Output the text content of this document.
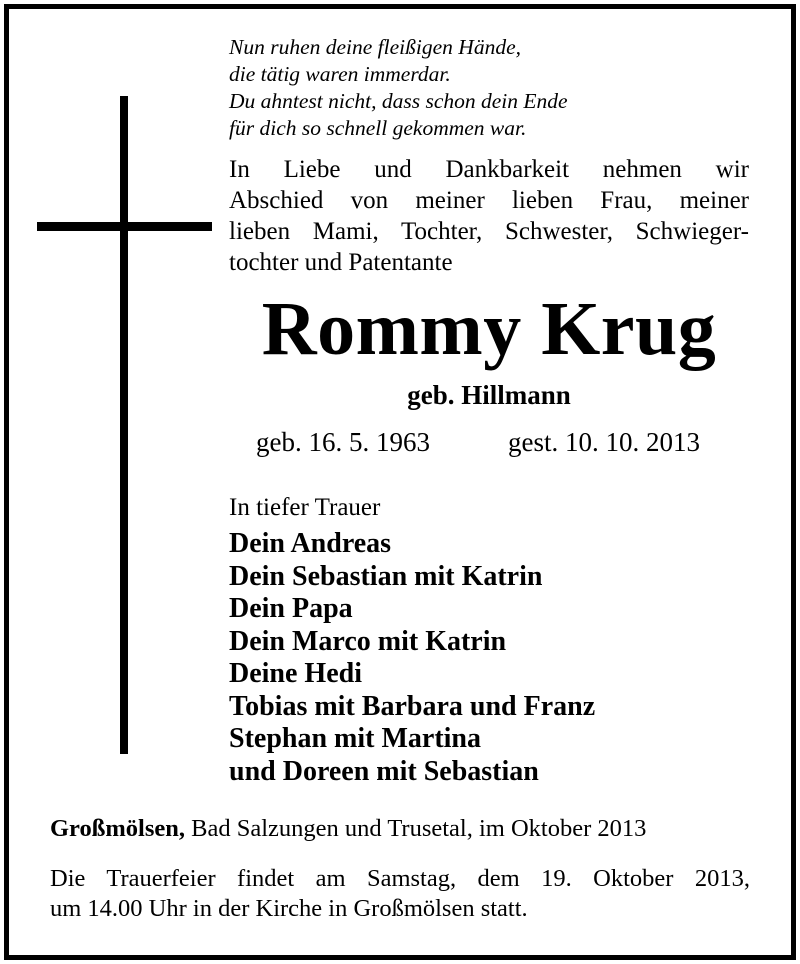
Nun ruhen deine fleißigen Hände,
die tätig waren immerdar.
Du ahntest nicht, dass schon dein Ende
für dich so schnell gekommen war.
In Liebe und Dankbarkeit nehmen wir
Abschied von meiner lieben Frau, meiner
lieben Mami, Tochter, Schwester, Schwieger-
tochter und Patentante
Rommy Krug
geb. Hillmann
geb. 16. 5. 1963	gest. 10. 10. 2013
In tiefer Trauer
Dein Andreas
Dein Sebastian mit Katrin
Dein Papa
Dein Marco mit Katrin
Deine Hedi
Tobias mit Barbara und Franz
Stephan mit Martina
und Doreen mit Sebastian
Großmölsen, Bad Salzungen und Trusetal, im Oktober 2013
Die Trauerfeier findet am Samstag, dem 19. Oktober 2013,
um 14.00 Uhr in der Kirche in Großmölsen statt.
